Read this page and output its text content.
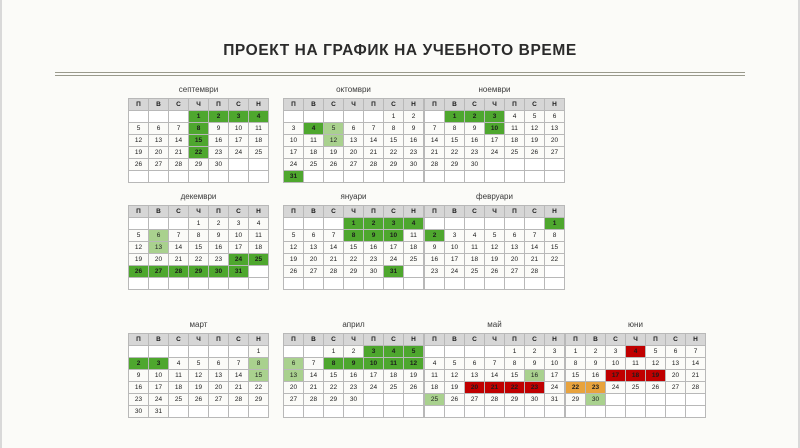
ПРОЕКТ НА ГРАФИК НА УЧЕБНОТО ВРЕМЕ
септември
П	В	С	Ч	П	С	Н
			1	2	3	4
5	6	7	8	9	10	11
12	13	14	15	16	17	18
19	20	21	22	23	24	25
26	27	28	29	30		

октомври
П	В	С	Ч	П	С	Н
					1	2
3	4	5	6	7	8	9
10	11	12	13	14	15	16
17	18	19	20	21	22	23
24	25	26	27	28	29	30
31						
ноември
П	В	С	Ч	П	С	Н
	1	2	3	4	5	6
7	8	9	10	11	12	13
14	15	16	17	18	19	20
21	22	23	24	25	26	27
28	29	30				

декември
П	В	С	Ч	П	С	Н
			1	2	3	4
5	6	7	8	9	10	11
12	13	14	15	16	17	18
19	20	21	22	23	24	25
26	27	28	29	30	31	

януари
П	В	С	Ч	П	С	Н
			1	2	3	4
5	6	7	8	9	10	11
12	13	14	15	16	17	18
19	20	21	22	23	24	25
26	27	28	29	30	31	

февруари
П	В	С	Ч	П	С	Н
						1
2	3	4	5	6	7	8
9	10	11	12	13	14	15
16	17	18	19	20	21	22
23	24	25	26	27	28	

март
П	В	С	Ч	П	С	Н
						1
2	3	4	5	6	7	8
9	10	11	12	13	14	15
16	17	18	19	20	21	22
23	24	25	26	27	28	29
30	31					
април
П	В	С	Ч	П	С	Н
		1	2	3	4	5
6	7	8	9	10	11	12
13	14	15	16	17	18	19
20	21	22	23	24	25	26
27	28	29	30			

май
П	В	С	Ч	П	С	Н
				1	2	3
4	5	6	7	8	9	10
11	12	13	14	15	16	17
18	19	20	21	22	23	24
25	26	27	28	29	30	31

юни
П	В	С	Ч	П	С	Н
1	2	3	4	5	6	7
8	9	10	11	12	13	14
15	16	17	18	19	20	21
22	23	24	25	26	27	28
29	30					
